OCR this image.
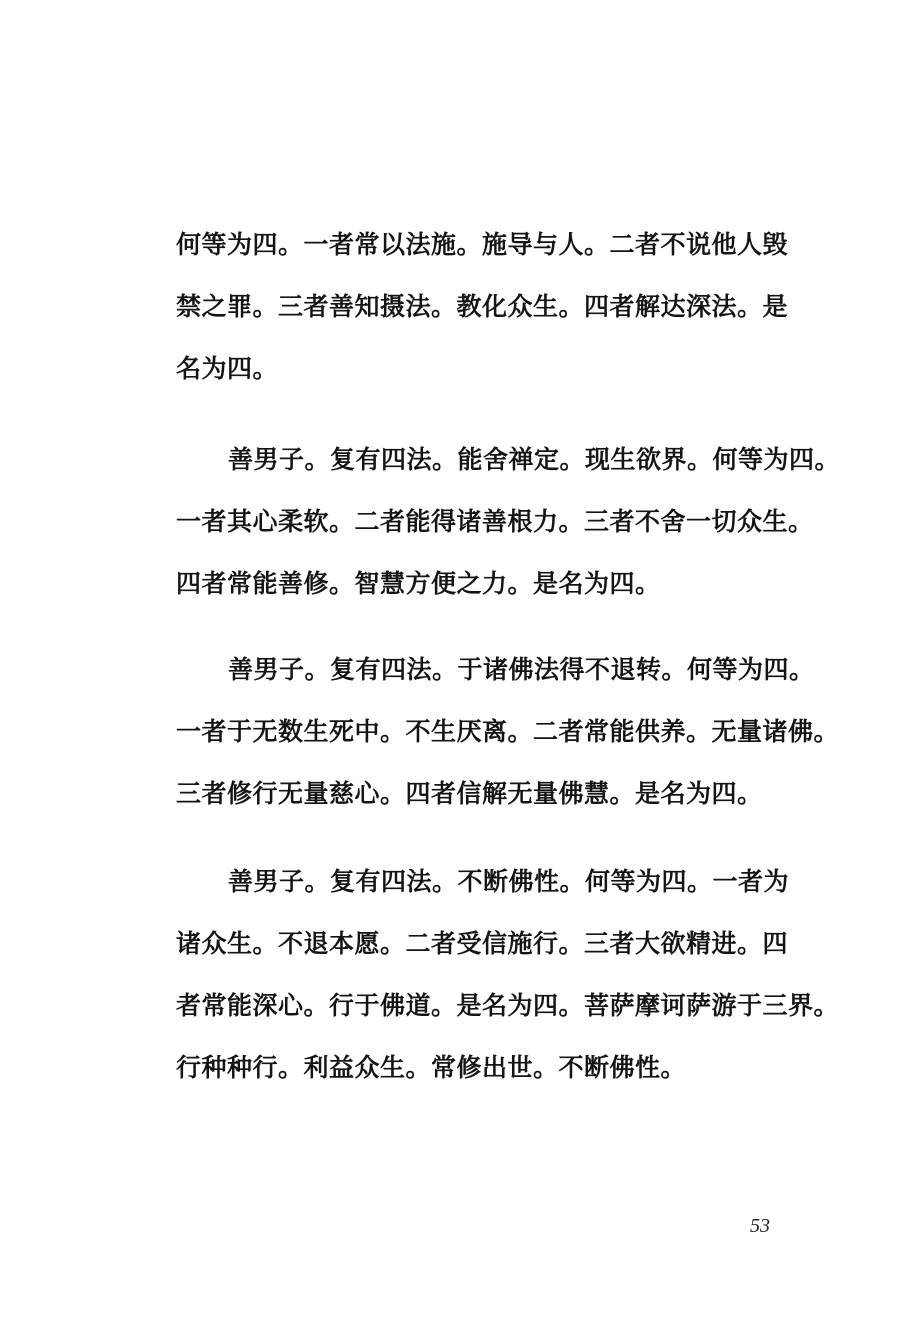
何等为四。一者常以法施。施导与人。二者不说他人毁
禁之罪。三者善知摄法。教化众生。四者解达深法。是
名为四。
善男子。复有四法。能舍禅定。现生欲界。何等为四。
一者其心柔软。二者能得诸善根力。三者不舍一切众生。
四者常能善修。智慧方便之力。是名为四。
善男子。复有四法。于诸佛法得不退转。何等为四。
一者于无数生死中。不生厌离。二者常能供养。无量诸佛。
三者修行无量慈心。四者信解无量佛慧。是名为四。
善男子。复有四法。不断佛性。何等为四。一者为
诸众生。不退本愿。二者受信施行。三者大欲精进。四
者常能深心。行于佛道。是名为四。菩萨摩诃萨游于三界。
行种种行。利益众生。常修出世。不断佛性。
53
